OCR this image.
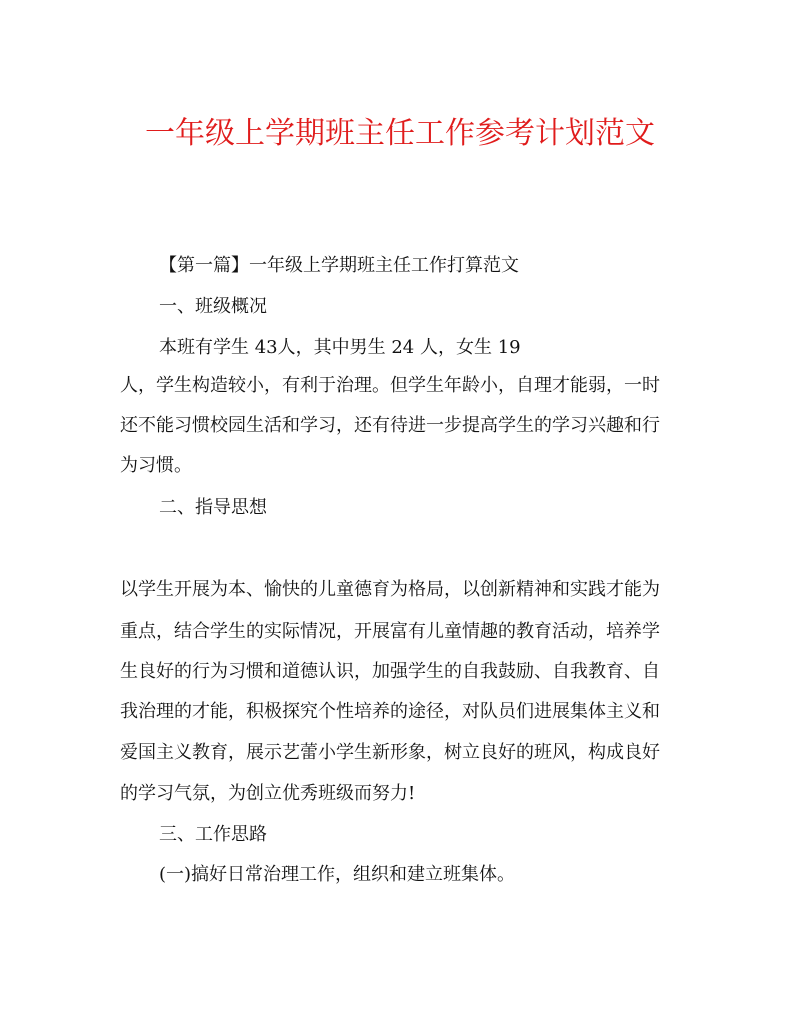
一年级上学期班主任工作参考计划范文

【第一篇】一年级上学期班主任工作打算范文

一、班级概况

本班有学生 43人，其中男生 24 人，女生 19

人，学生构造较小，有利于治理。但学生年龄小，自理才能弱，一时

还不能习惯校园生活和学习，还有待进一步提高学生的学习兴趣和行

为习惯。

二、指导思想

以学生开展为本、愉快的儿童德育为格局，以创新精神和实践才能为

重点，结合学生的实际情况，开展富有儿童情趣的教育活动，培养学

生良好的行为习惯和道德认识，加强学生的自我鼓励、自我教育、自

我治理的才能，积极探究个性培养的途径，对队员们进展集体主义和

爱国主义教育，展示艺蕾小学生新形象，树立良好的班风，构成良好

的学习气氛，为创立优秀班级而努力!

三、工作思路

(一)搞好日常治理工作，组织和建立班集体。
